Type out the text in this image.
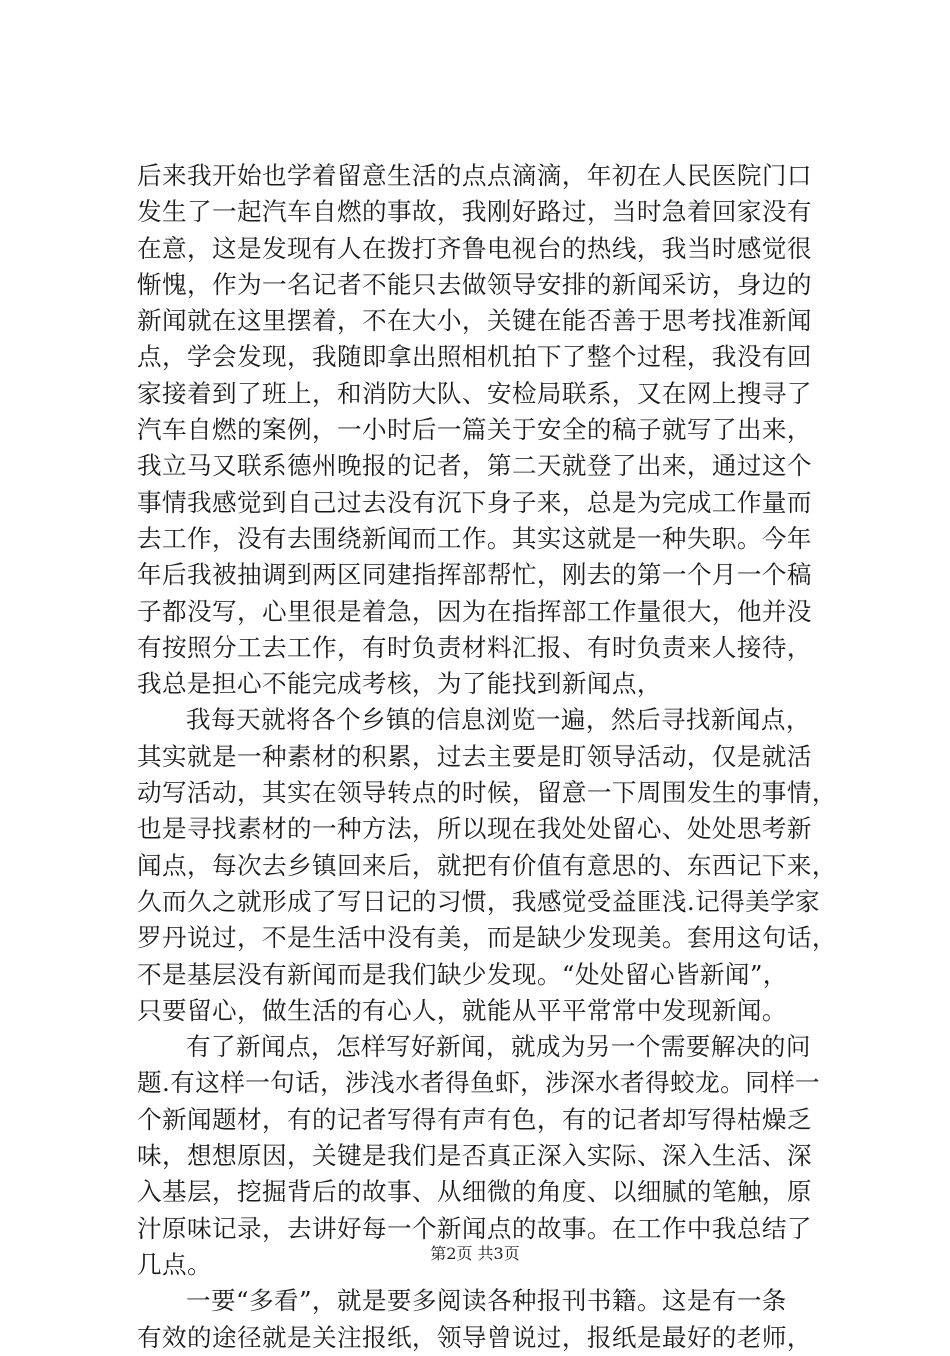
后来我开始也学着留意生活的点点滴滴，年初在人民医院门口
发生了一起汽车自燃的事故，我刚好路过，当时急着回家没有
在意，这是发现有人在拨打齐鲁电视台的热线，我当时感觉很
惭愧，作为一名记者不能只去做领导安排的新闻采访，身边的
新闻就在这里摆着，不在大小，关键在能否善于思考找准新闻
点，学会发现，我随即拿出照相机拍下了整个过程，我没有回
家接着到了班上，和消防大队、安检局联系，又在网上搜寻了
汽车自燃的案例，一小时后一篇关于安全的稿子就写了出来，
我立马又联系德州晚报的记者，第二天就登了出来，通过这个
事情我感觉到自己过去没有沉下身子来，总是为完成工作量而
去工作，没有去围绕新闻而工作。其实这就是一种失职。今年
年后我被抽调到两区同建指挥部帮忙，刚去的第一个月一个稿
子都没写，心里很是着急，因为在指挥部工作量很大，他并没
有按照分工去工作，有时负责材料汇报、有时负责来人接待，
我总是担心不能完成考核，为了能找到新闻点，
我每天就将各个乡镇的信息浏览一遍，然后寻找新闻点，
其实就是一种素材的积累，过去主要是盯领导活动，仅是就活
动写活动，其实在领导转点的时候，留意一下周围发生的事情，
也是寻找素材的一种方法，所以现在我处处留心、处处思考新
闻点，每次去乡镇回来后，就把有价值有意思的、东西记下来，
久而久之就形成了写日记的习惯，我感觉受益匪浅.记得美学家
罗丹说过，不是生活中没有美，而是缺少发现美。套用这句话，
不是基层没有新闻而是我们缺少发现。“处处留心皆新闻”，
只要留心，做生活的有心人，就能从平平常常中发现新闻。
有了新闻点，怎样写好新闻，就成为另一个需要解决的问
题.有这样一句话，涉浅水者得鱼虾，涉深水者得蛟龙。同样一
个新闻题材，有的记者写得有声有色，有的记者却写得枯燥乏
味，想想原因，关键是我们是否真正深入实际、深入生活、深
入基层，挖掘背后的故事、从细微的角度、以细腻的笔触，原
汁原味记录，去讲好每一个新闻点的故事。在工作中我总结了
几点。
一要“多看”，就是要多阅读各种报刊书籍。这是有一条
有效的途径就是关注报纸，领导曾说过，报纸是最好的老师，
第2页 共3页
